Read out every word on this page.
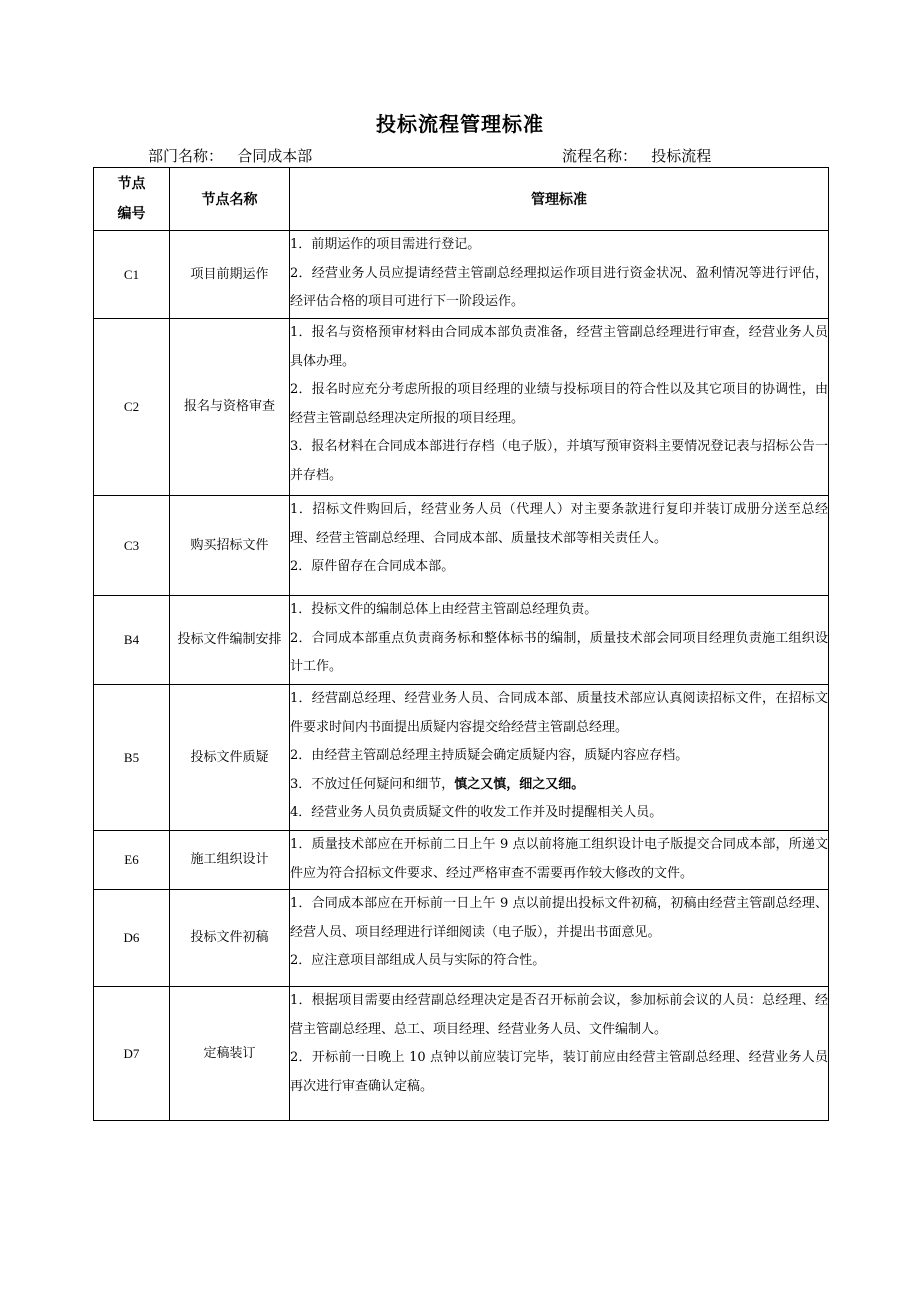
投标流程管理标准
部门名称：   合同成本部	流程名称：   投标流程
节点
编号	节点名称	管理标准
C1	项目前期运作	1．前期运作的项目需进行登记。
2．经营业务人员应提请经营主管副总经理拟运作项目进行资金状况、盈利情况等进行评估，经评估合格的项目可进行下一阶段运作。

C2	报名与资格审查	1．报名与资格预审材料由合同成本部负责准备，经营主管副总经理进行审查，经营业务人员具体办理。
2．报名时应充分考虑所报的项目经理的业绩与投标项目的符合性以及其它项目的协调性，由经营主管副总经理决定所报的项目经理。
3．报名材料在合同成本部进行存档（电子版），并填写预审资料主要情况登记表与招标公告一并存档。

C3	购买招标文件	1．招标文件购回后，经营业务人员（代理人）对主要条款进行复印并装订成册分送至总经理、经营主管副总经理、合同成本部、质量技术部等相关责任人。
2．原件留存在合同成本部。

B4	投标文件编制安排	1．投标文件的编制总体上由经营主管副总经理负责。
2．合同成本部重点负责商务标和整体标书的编制，质量技术部会同项目经理负责施工组织设计工作。

B5	投标文件质疑	1．经营副总经理、经营业务人员、合同成本部、质量技术部应认真阅读招标文件，在招标文件要求时间内书面提出质疑内容提交给经营主管副总经理。
2．由经营主管副总经理主持质疑会确定质疑内容，质疑内容应存档。
3．不放过任何疑问和细节，慎之又慎，细之又细。
4．经营业务人员负责质疑文件的收发工作并及时提醒相关人员。

E6	施工组织设计	1．质量技术部应在开标前二日上午 9 点以前将施工组织设计电子版提交合同成本部，所递文件应为符合招标文件要求、经过严格审查不需要再作较大修改的文件。

D6	投标文件初稿	1．合同成本部应在开标前一日上午 9 点以前提出投标文件初稿，初稿由经营主管副总经理、经营人员、项目经理进行详细阅读（电子版），并提出书面意见。
2．应注意项目部组成人员与实际的符合性。

D7	定稿装订	1．根据项目需要由经营副总经理决定是否召开标前会议，参加标前会议的人员：总经理、经营主管副总经理、总工、项目经理、经营业务人员、文件编制人。
2．开标前一日晚上 10 点钟以前应装订完毕，装订前应由经营主管副总经理、经营业务人员再次进行审查确认定稿。
